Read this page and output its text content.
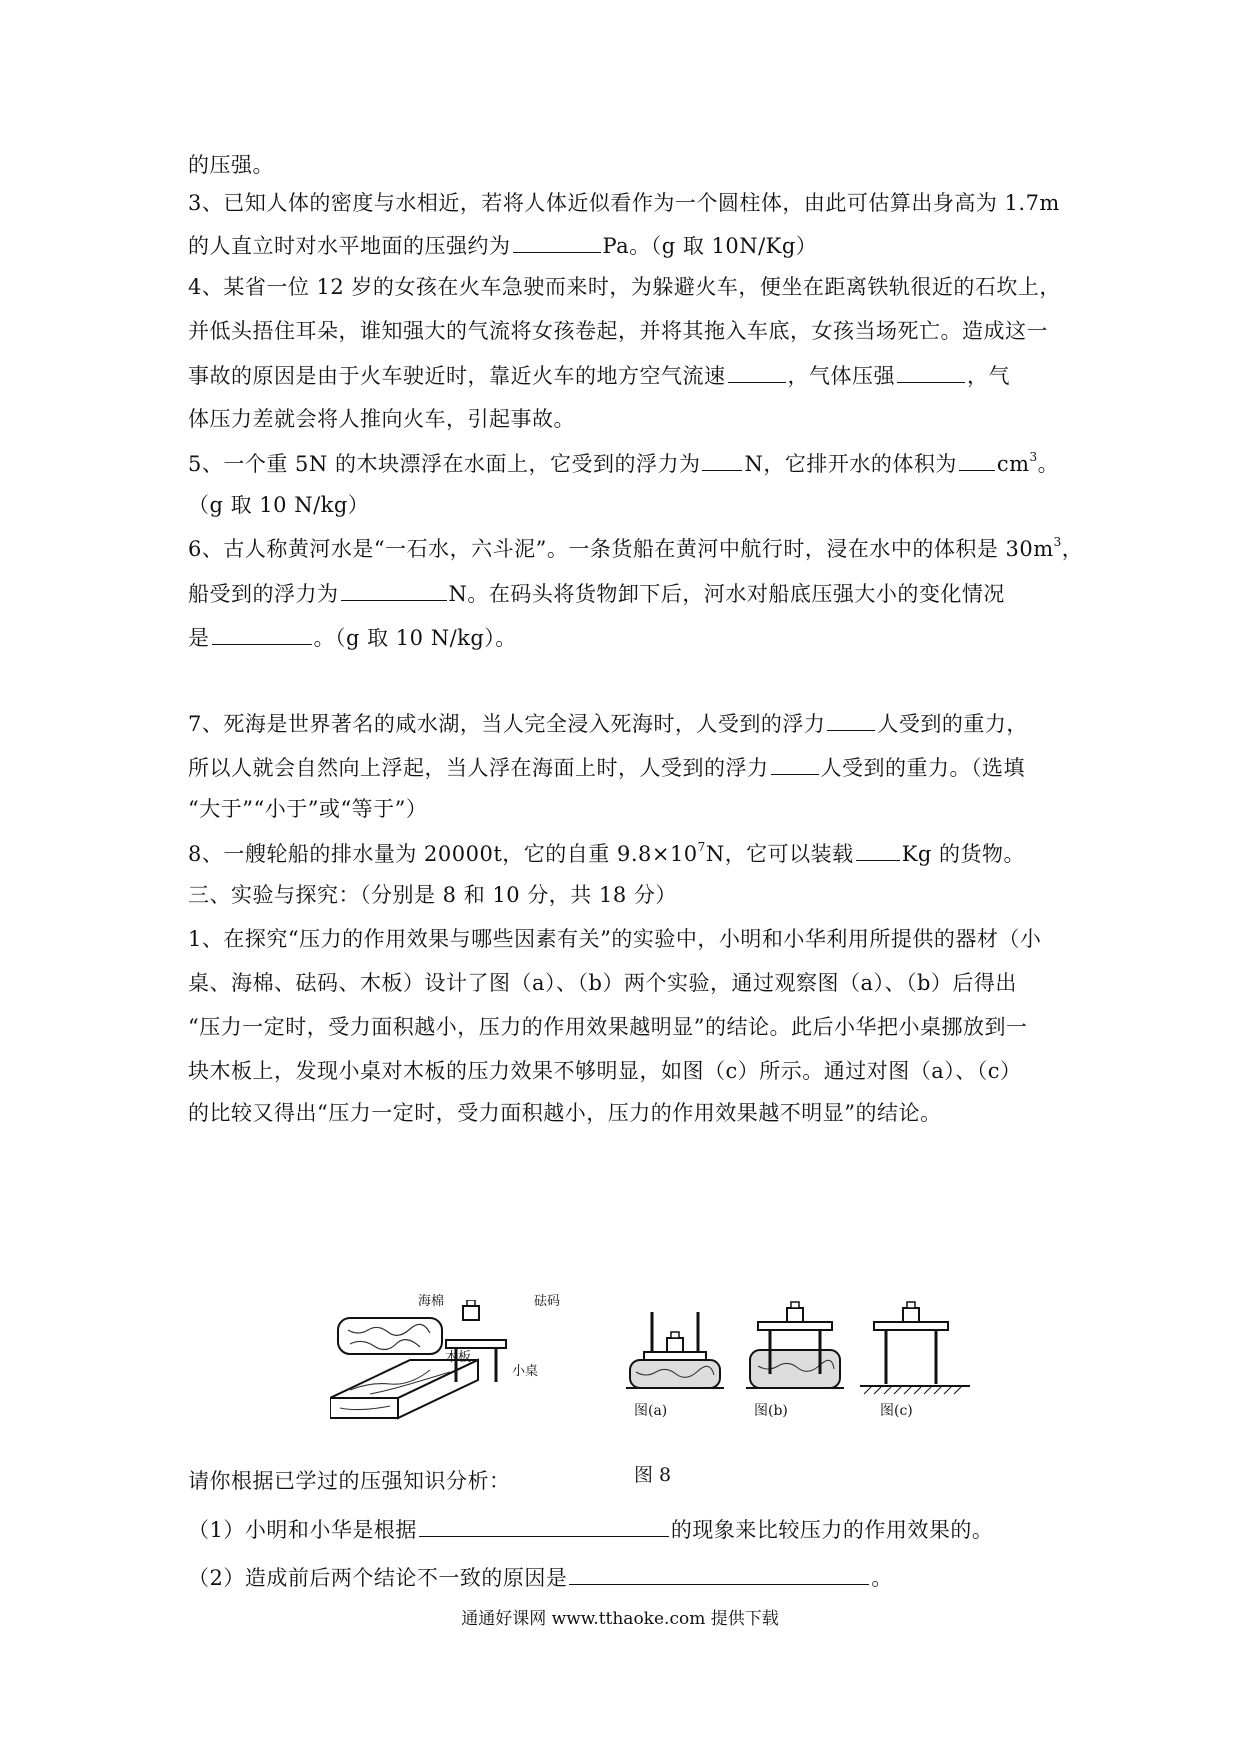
的压强。
3、已知人体的密度与水相近，若将人体近似看作为一个圆柱体，由此可估算出身高为 1.7m
的人直立时对水平地面的压强约为	Pa。（g 取 10N/Kg）
4、某省一位 12 岁的女孩在火车急驶而来时，为躲避火车，便坐在距离铁轨很近的石坎上，
并低头捂住耳朵，谁知强大的气流将女孩卷起，并将其拖入车底，女孩当场死亡。造成这一
事故的原因是由于火车驶近时，靠近火车的地方空气流速	，气体压强	，气
体压力差就会将人推向火车，引起事故。
5、一个重 5N 的木块漂浮在水面上，它受到的浮力为 N，它排开水的体积为 $cm^3$。
（g 取 10 N/kg）
6、古人称黄河水是“一石水，六斗泥”。一条货船在黄河中航行时，浸在水中的体积是 $30m^3$，
船受到的浮力为	N。在码头将货物卸下后，河水对船底压强大小的变化情况
是	。（g 取 10 N/kg）。
7、死海是世界著名的咸水湖，当人完全浸入死海时，人受到的浮力 人受到的重力，
所以人就会自然向上浮起，当人浮在海面上时，人受到的浮力 人受到的重力。（选填
“大于”“小于”或“等于”）
8、一艘轮船的排水量为 20000t，它的自重 $9.8\times 10^7N$，它可以装载 Kg 的货物。
三、实验与探究：（分别是 8 和 10 分，共 18 分）
1、在探究“压力的作用效果与哪些因素有关”的实验中，小明和小华利用所提供的器材（小
桌、海棉、砝码、木板）设计了图（a）、（b）两个实验，通过观察图（a）、（b）后得出
“压力一定时，受力面积越小，压力的作用效果越明显”的结论。此后小华把小桌挪放到一
块木板上，发现小桌对木板的压力效果不够明显，如图（c）所示。通过对图（a）、（c）
的比较又得出“压力一定时，受力面积越小，压力的作用效果越不明显”的结论。
海棉	砝码
木板
小桌
图(a)	图(b)	图(c)
图 8
请你根据已学过的压强知识分析：
（1）小明和小华是根据	的现象来比较压力的作用效果的。
（2）造成前后两个结论不一致的原因是	。
通通好课网 www.tthaoke.com 提供下载
